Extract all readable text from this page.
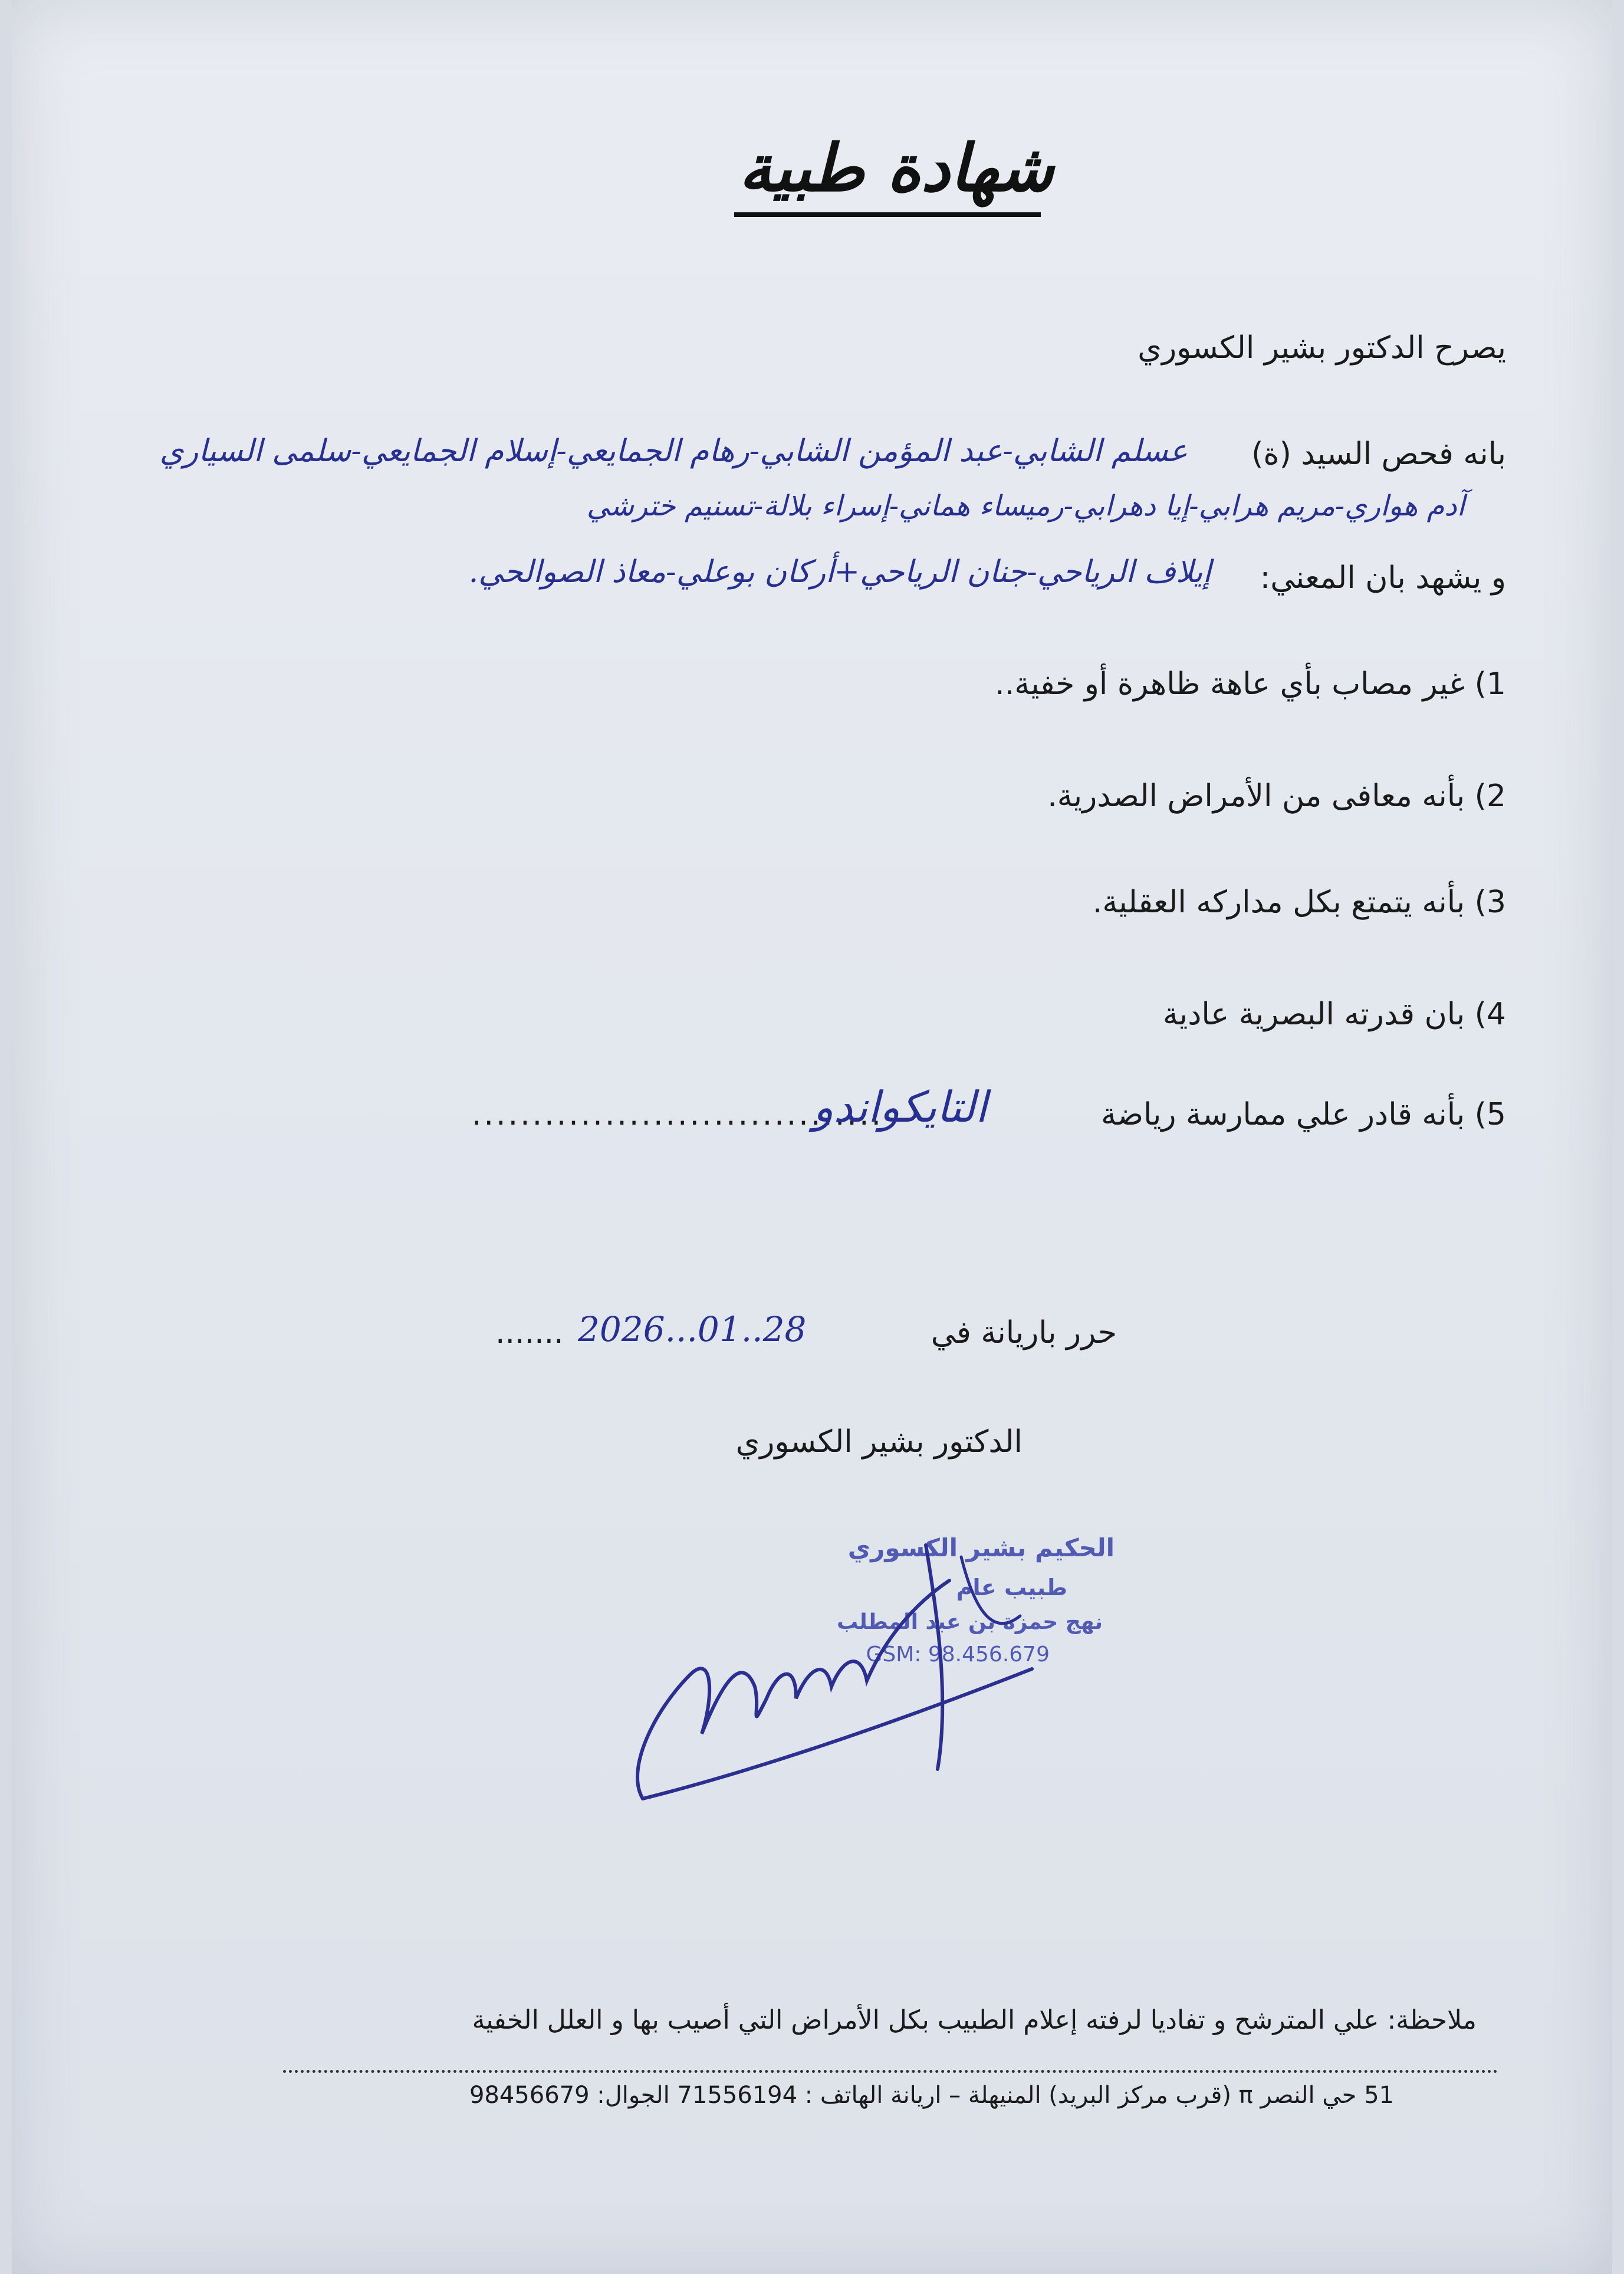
شهادة طبية
يصرح الدكتور بشير الكسوري
بانه فحص السيد (ة)
عسلم الشابي-عبد المؤمن الشابي-رهام الجمايعي-إسلام الجمايعي-سلمى السياري
آدم هواري-مريم هرابي-إيا دهرابي-رميساء هماني-إسراء بلالة-تسنيم خترشي
و يشهد بان المعني:
إيلاف الرياحي-جنان الرياحي+أركان بوعلي-معاذ الصوالحي.
1) غير مصاب بأي عاهة ظاهرة أو خفية..
2) بأنه معافى من الأمراض الصدرية.
3) بأنه يتمتع بكل مداركه العقلية.
4) بان قدرته البصرية عادية
5) بأنه قادر علي ممارسة رياضة
..................................
التايكواندو
حرر باريانة في
....... 2026...01..28
الدكتور بشير الكسوري
الحكيم بشير الكسوري
طبيب عام
نهج حمزة بن عبد المطلب
GSM: 98.456.679
ملاحظة: علي المترشح و تفاديا لرفته إعلام الطبيب بكل الأمراض التي أصيب بها و العلل الخفية
51 حي النصر π (قرب مركز البريد) المنيهلة – اريانة الهاتف : 71556194 الجوال: 98456679
